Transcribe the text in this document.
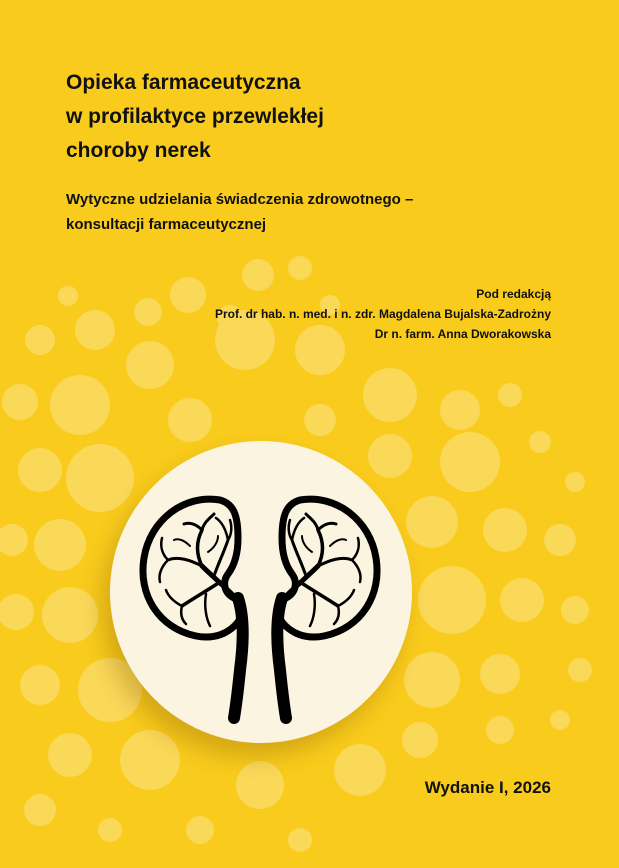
Opieka farmaceutyczna
w profilaktyce przewlekłej
choroby nerek
Wytyczne udzielania świadczenia zdrowotnego –
konsultacji farmaceutycznej
Pod redakcją
Prof. dr hab. n. med. i n. zdr. Magdalena Bujalska-Zadrożny
Dr n. farm. Anna Dworakowska
Wydanie I, 2026
